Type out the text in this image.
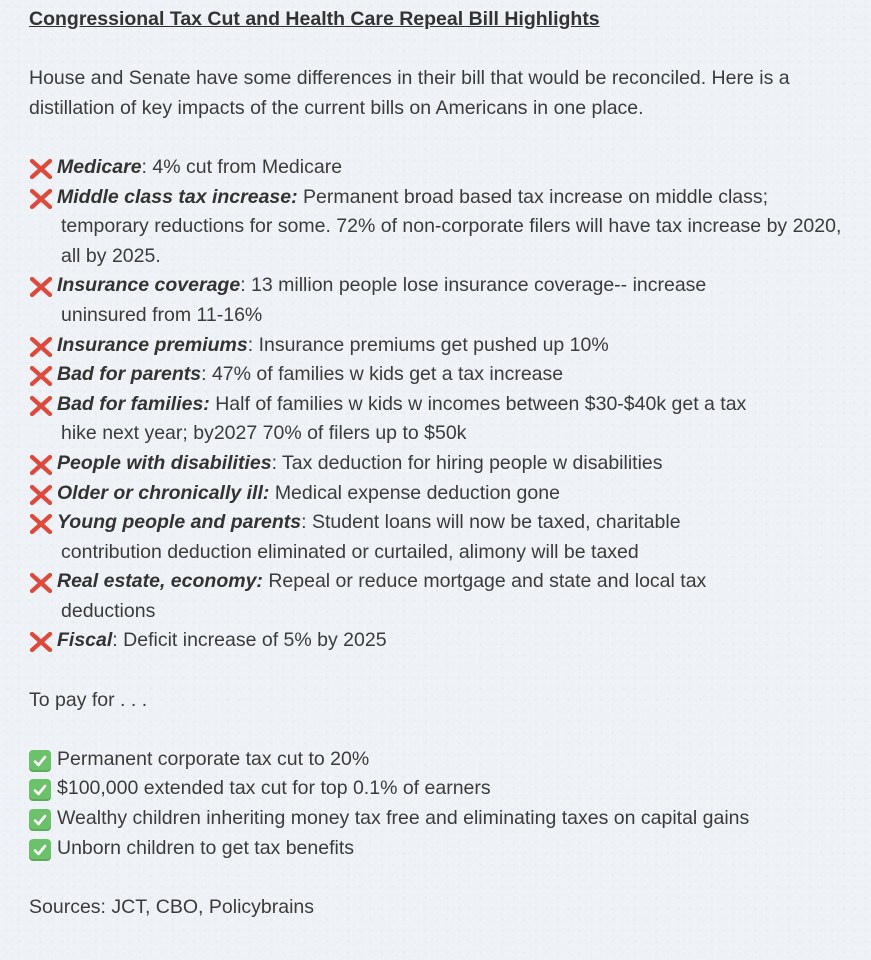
Congressional Tax Cut and Health Care Repeal Bill Highlights

House and Senate have some differences in their bill that would be reconciled. Here is a distillation of key impacts of the current bills on Americans in one place.

Medicare: 4% cut from Medicare
Middle class tax increase: Permanent broad based tax increase on middle class;
temporary reductions for some. 72% of non-corporate filers will have tax increase by 2020, all by 2025.
Insurance coverage: 13 million people lose insurance coverage-- increase
uninsured from 11-16%
Insurance premiums: Insurance premiums get pushed up 10%
Bad for parents: 47% of families w kids get a tax increase
Bad for families: Half of families w kids w incomes between $30-$40k get a tax
hike next year; by2027 70% of filers up to $50k
People with disabilities: Tax deduction for hiring people w disabilities
Older or chronically ill: Medical expense deduction gone
Young people and parents: Student loans will now be taxed, charitable
contribution deduction eliminated or curtailed, alimony will be taxed
Real estate, economy: Repeal or reduce mortgage and state and local tax
deductions
Fiscal: Deficit increase of 5% by 2025

To pay for . . .

Permanent corporate tax cut to 20%
$100,000 extended tax cut for top 0.1% of earners
Wealthy children inheriting money tax free and eliminating taxes on capital gains
Unborn children to get tax benefits

Sources: JCT, CBO, Policybrains
